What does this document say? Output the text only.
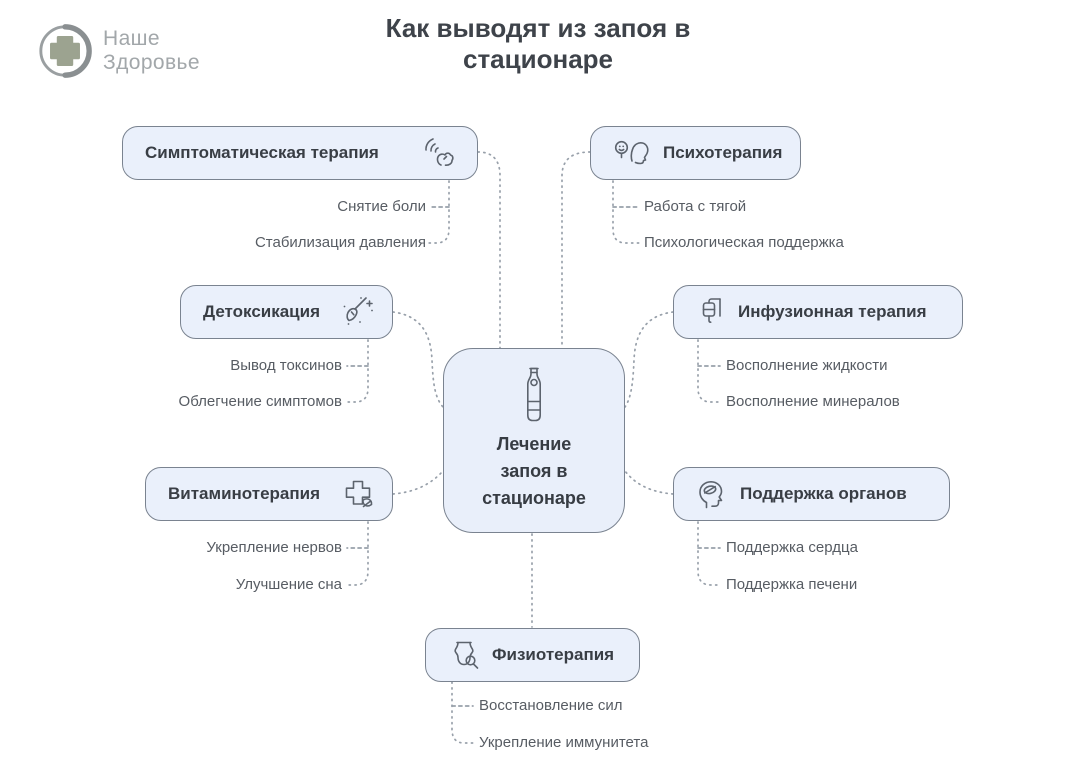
Наше
Здоровье
Как выводят из запоя в
стационаре
Симптоматическая терапия	Психотерапия
Детоксикация	Инфузионная терапия
Витаминотерапия	Поддержка органов
Физиотерапия
Лечение
запоя в
стационаре
Снятие боли
Стабилизация давления
Работа с тягой
Психологическая поддержка
Вывод токсинов
Облегчение симптомов
Восполнение жидкости
Восполнение минералов
Укрепление нервов
Улучшение сна
Поддержка сердца
Поддержка печени
Восстановление сил
Укрепление иммунитета
